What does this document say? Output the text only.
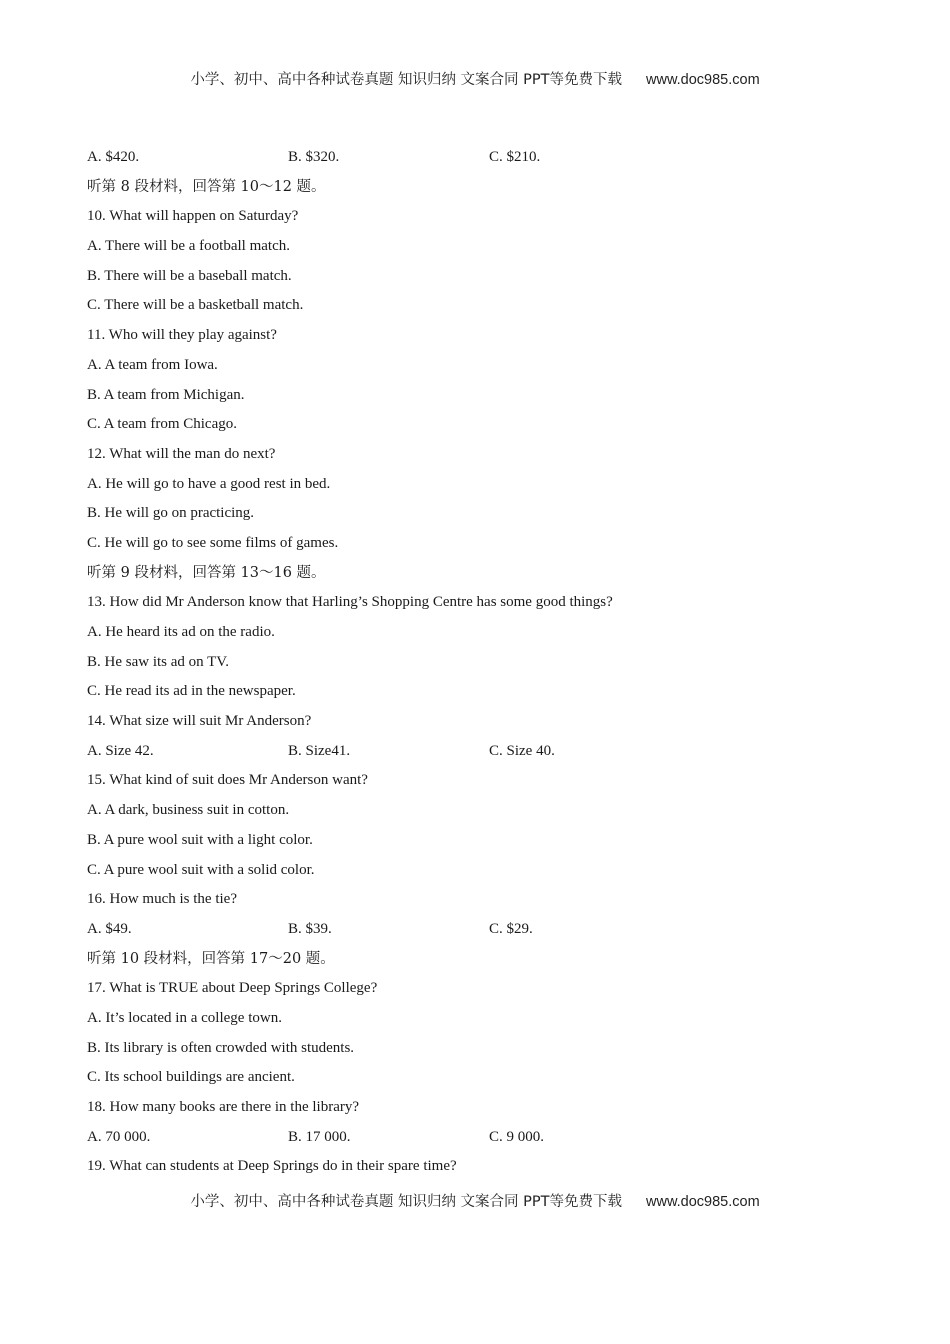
小学、初中、高中各种试卷真题 知识归纳 文案合同 PPT等免费下载 www.doc985.com
A. $420.	B. $320.	C. $210.
听第 8 段材料，回答第 10～12 题。
10. What will happen on Saturday?
A. There will be a football match.
B. There will be a baseball match.
C. There will be a basketball match.
11. Who will they play against?
A. A team from Iowa.
B. A team from Michigan.
C. A team from Chicago.
12. What will the man do next?
A. He will go to have a good rest in bed.
B. He will go on practicing.
C. He will go to see some films of games.
听第 9 段材料，回答第 13～16 题。
13. How did Mr Anderson know that Harling’s Shopping Centre has some good things?
A. He heard its ad on the radio.
B. He saw its ad on TV.
C. He read its ad in the newspaper.
14. What size will suit Mr Anderson?
A. Size 42.	B. Size41.	C. Size 40.
15. What kind of suit does Mr Anderson want?
A. A dark, business suit in cotton.
B. A pure wool suit with a light color.
C. A pure wool suit with a solid color.
16. How much is the tie?
A. $49.	B. $39.	C. $29.
听第 10 段材料，回答第 17～20 题。
17. What is TRUE about Deep Springs College?
A. It’s located in a college town.
B. Its library is often crowded with students.
C. Its school buildings are ancient.
18. How many books are there in the library?
A. 70 000.	B. 17 000.	C. 9 000.
19. What can students at Deep Springs do in their spare time?
小学、初中、高中各种试卷真题 知识归纳 文案合同 PPT等免费下载 www.doc985.com
